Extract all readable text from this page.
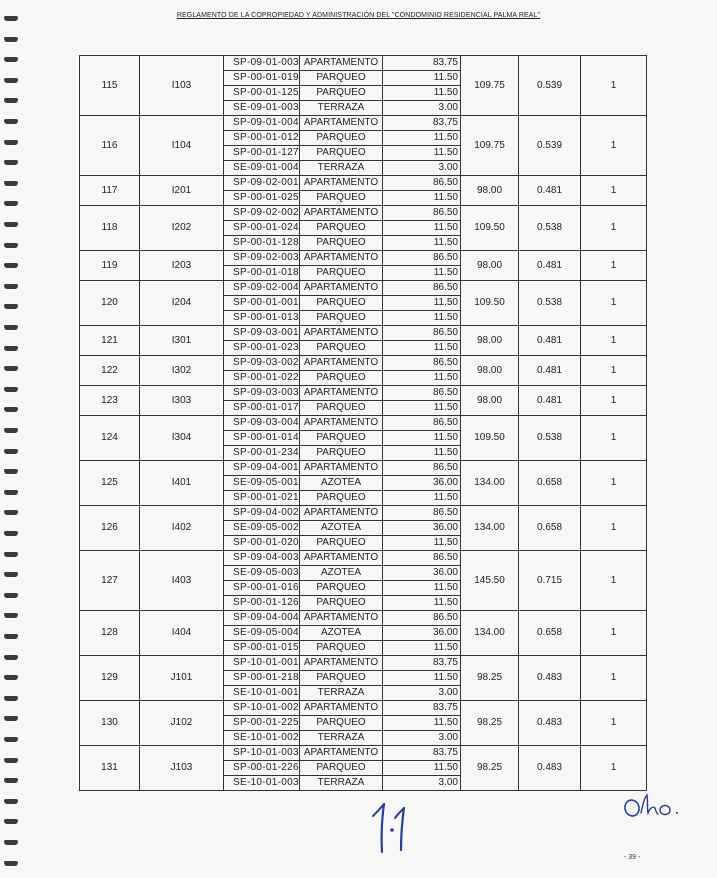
REGLAMENTO DE LA COPROPIEDAD Y ADMINISTRACIÓN DEL "CONDOMINIO RESIDENCIAL PALMA REAL"
115	I103	SP-09-01-003	APARTAMENTO	83.75	109.75	0.539	1
		SP-00-01-019	PARQUEO	11.50			
		SP-00-01-125	PARQUEO	11.50			
		SE-09-01-003	TERRAZA	3.00			
116	I104	SP-09-01-004	APARTAMENTO	83.75	109.75	0.539	1
		SP-00-01-012	PARQUEO	11.50			
		SP-00-01-127	PARQUEO	11.50			
		SE-09-01-004	TERRAZA	3.00			
117	I201	SP-09-02-001	APARTAMENTO	86.50	98.00	0.481	1
		SP-00-01-025	PARQUEO	11.50			
118	I202	SP-09-02-002	APARTAMENTO	86.50	109.50	0.538	1
		SP-00-01-024	PARQUEO	11.50			
		SP-00-01-128	PARQUEO	11.50			
119	I203	SP-09-02-003	APARTAMENTO	86.50	98.00	0.481	1
		SP-00-01-018	PARQUEO	11.50			
120	I204	SP-09-02-004	APARTAMENTO	86.50	109.50	0.538	1
		SP-00-01-001	PARQUEO	11.50			
		SP-00-01-013	PARQUEO	11.50			
121	I301	SP-09-03-001	APARTAMENTO	86.50	98.00	0.481	1
		SP-00-01-023	PARQUEO	11.50			
122	I302	SP-09-03-002	APARTAMENTO	86.50	98.00	0.481	1
		SP-00-01-022	PARQUEO	11.50			
123	I303	SP-09-03-003	APARTAMENTO	86.50	98.00	0.481	1
		SP-00-01-017	PARQUEO	11.50			
124	I304	SP-09-03-004	APARTAMENTO	86.50	109.50	0.538	1
		SP-00-01-014	PARQUEO	11.50			
		SP-00-01-234	PARQUEO	11.50			
125	I401	SP-09-04-001	APARTAMENTO	86.50	134.00	0.658	1
		SE-09-05-001	AZOTEA	36.00			
		SP-00-01-021	PARQUEO	11.50			
126	I402	SP-09-04-002	APARTAMENTO	86.50	134.00	0.658	1
		SE-09-05-002	AZOTEA	36.00			
		SP-00-01-020	PARQUEO	11.50			
127	I403	SP-09-04-003	APARTAMENTO	86.50	145.50	0.715	1
		SE-09-05-003	AZOTEA	36.00			
		SP-00-01-016	PARQUEO	11.50			
		SP-00-01-126	PARQUEO	11.50			
128	I404	SP-09-04-004	APARTAMENTO	86.50	134.00	0.658	1
		SE-09-05-004	AZOTEA	36.00			
		SP-00-01-015	PARQUEO	11.50			
129	J101	SP-10-01-001	APARTAMENTO	83.75	98.25	0.483	1
		SP-00-01-218	PARQUEO	11.50			
		SE-10-01-001	TERRAZA	3.00			
130	J102	SP-10-01-002	APARTAMENTO	83.75	98.25	0.483	1
		SP-00-01-225	PARQUEO	11.50			
		SE-10-01-002	TERRAZA	3.00			
131	J103	SP-10-01-003	APARTAMENTO	83.75	98.25	0.483	1
		SP-00-01-226	PARQUEO	11.50			
		SE-10-01-003	TERRAZA	3.00			
- 39 -
